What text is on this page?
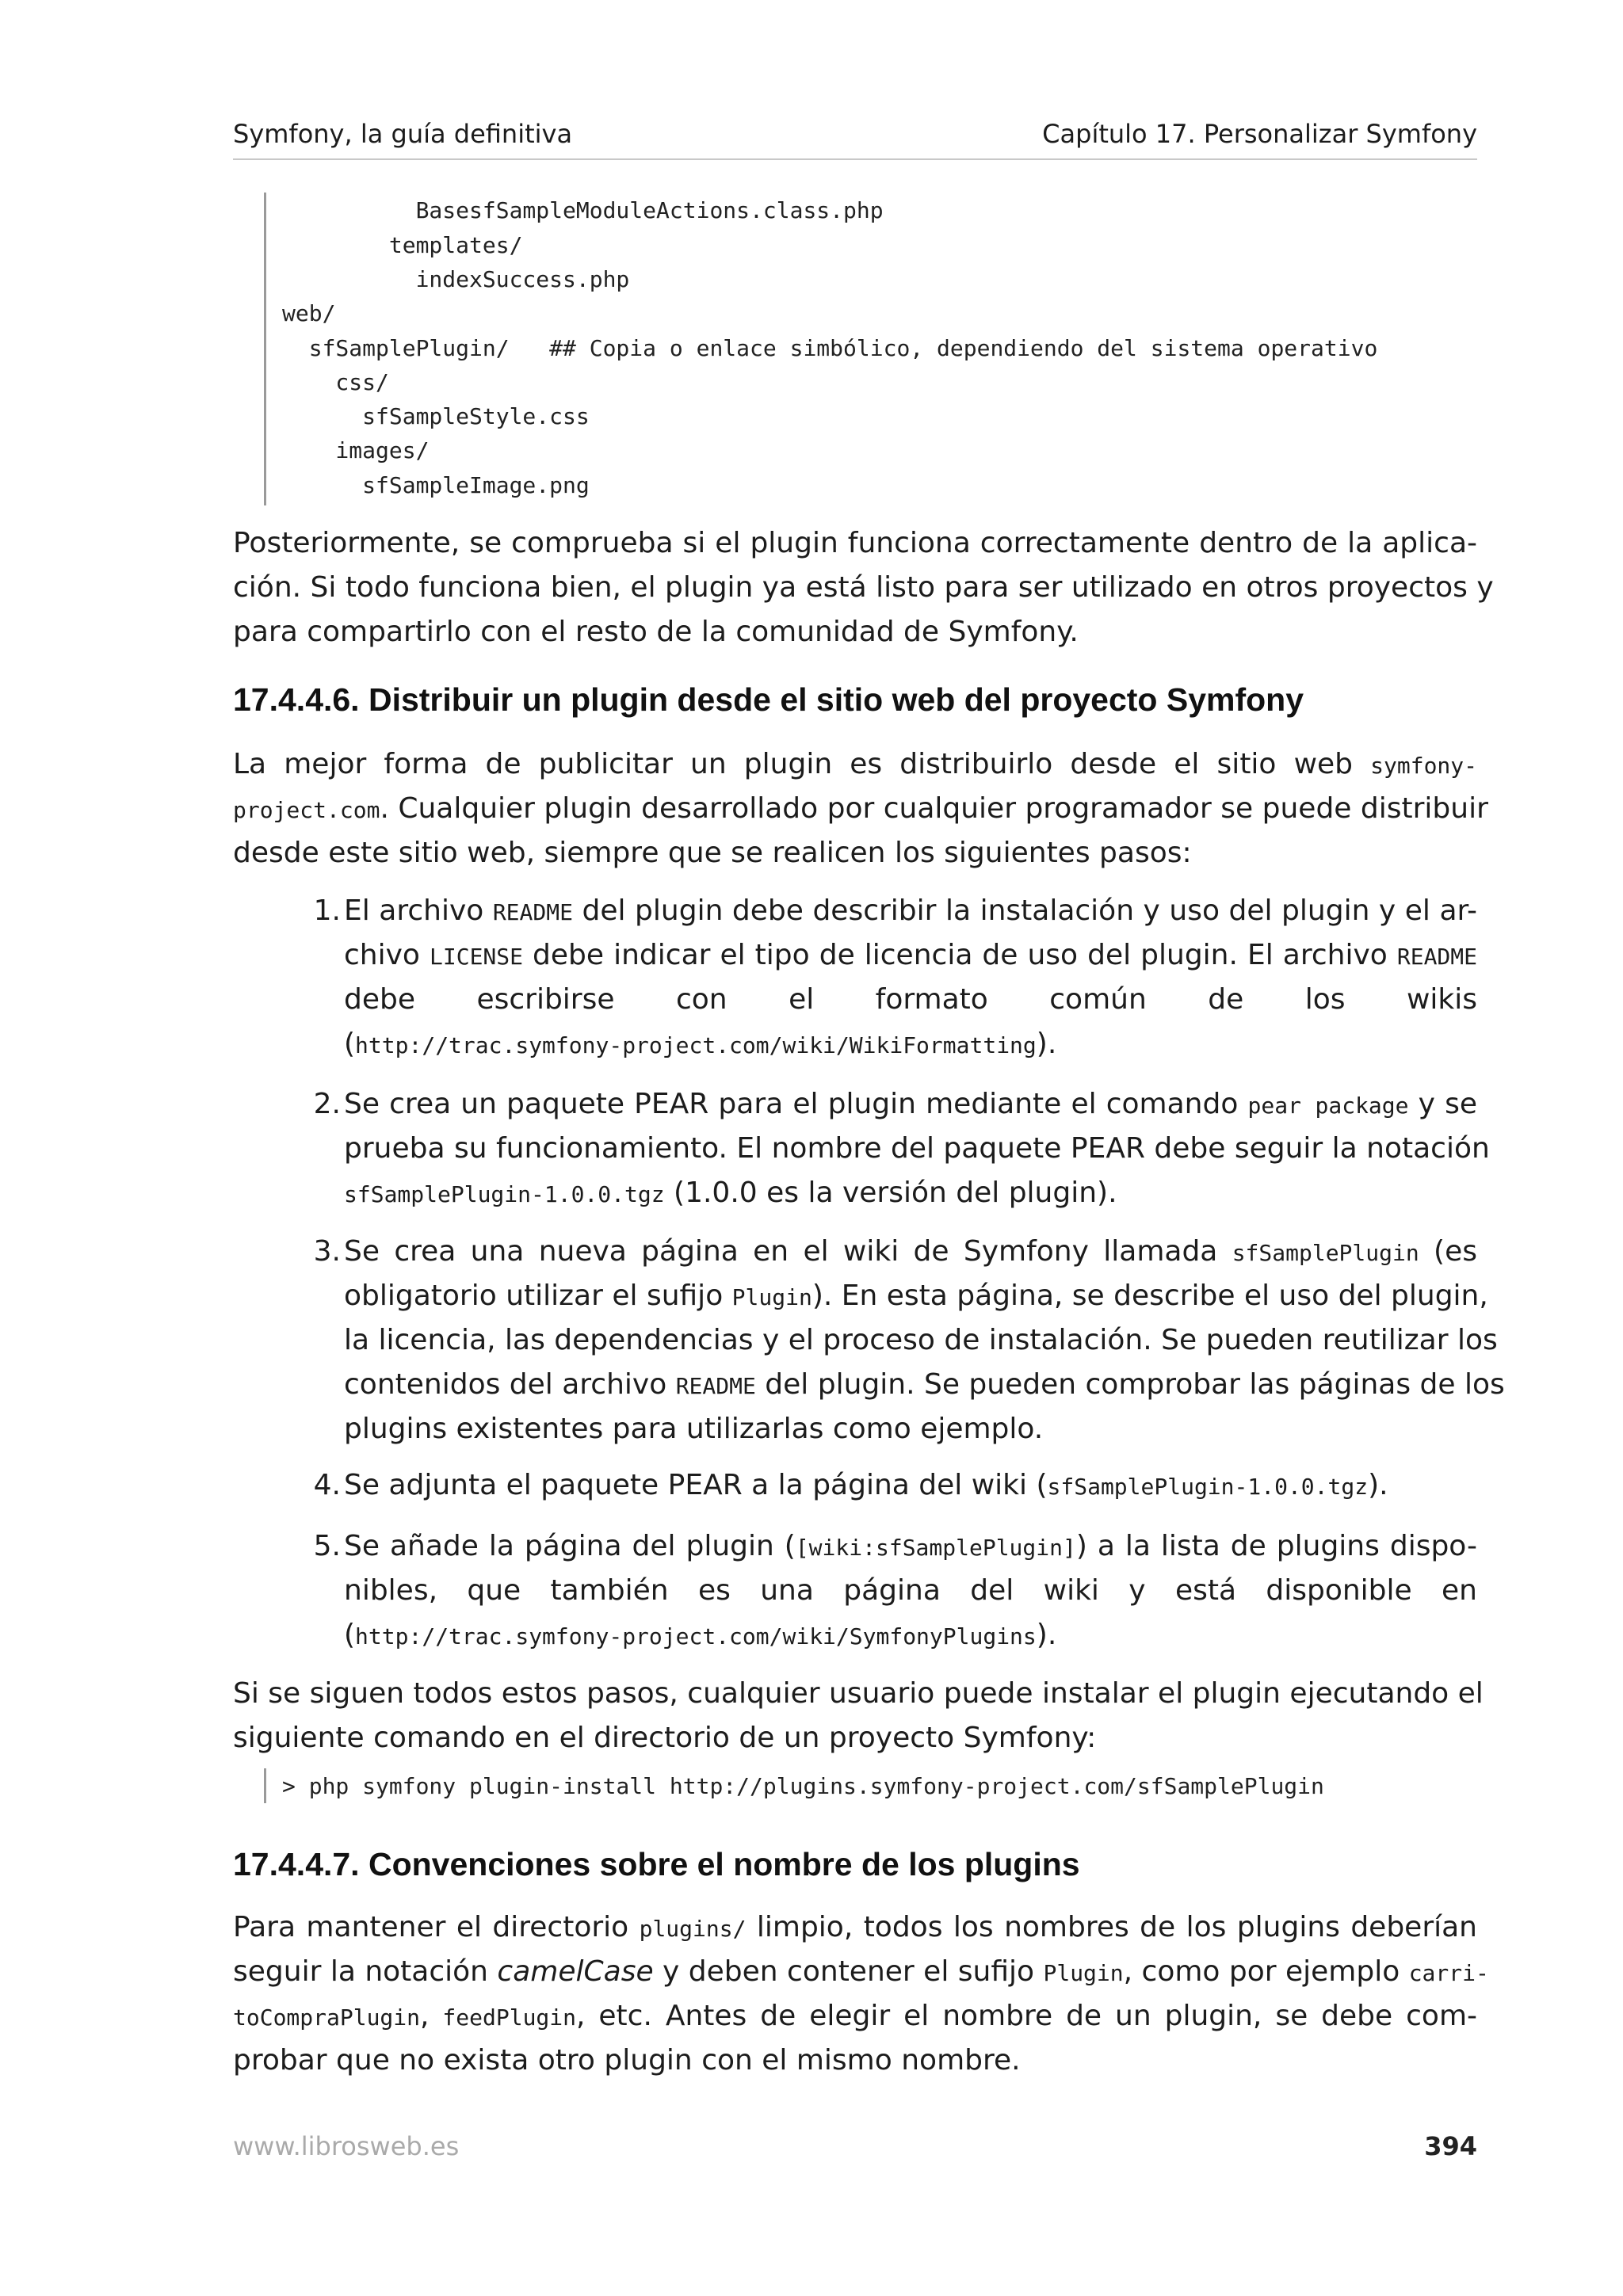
Symfony, la guía definitiva	Capítulo 17. Personalizar Symfony
BasesfSampleModuleActions.class.php
templates/
indexSuccess.php
web/
sfSamplePlugin/   ## Copia o enlace simbólico, dependiendo del sistema operativo
css/
sfSampleStyle.css
images/
sfSampleImage.png
Posteriormente, se comprueba si el plugin funciona correctamente dentro de la aplica-
ción. Si todo funciona bien, el plugin ya está listo para ser utilizado en otros proyectos y
para compartirlo con el resto de la comunidad de Symfony.
17.4.4.6. Distribuir un plugin desde el sitio web del proyecto Symfony
La mejor forma de publicitar un plugin es distribuirlo desde el sitio web symfony-
project.com. Cualquier plugin desarrollado por cualquier programador se puede distribuir
desde este sitio web, siempre que se realicen los siguientes pasos:
1. El archivo README del plugin debe describir la instalación y uso del plugin y el ar-
chivo LICENSE debe indicar el tipo de licencia de uso del plugin. El archivo README
debe escribirse con el formato común de los wikis
(http://trac.symfony-project.com/wiki/WikiFormatting).
2. Se crea un paquete PEAR para el plugin mediante el comando pear package y se
prueba su funcionamiento. El nombre del paquete PEAR debe seguir la notación
sfSamplePlugin-1.0.0.tgz (1.0.0 es la versión del plugin).
3. Se crea una nueva página en el wiki de Symfony llamada sfSamplePlugin (es
obligatorio utilizar el sufijo Plugin). En esta página, se describe el uso del plugin,
la licencia, las dependencias y el proceso de instalación. Se pueden reutilizar los
contenidos del archivo README del plugin. Se pueden comprobar las páginas de los
plugins existentes para utilizarlas como ejemplo.
4. Se adjunta el paquete PEAR a la página del wiki (sfSamplePlugin-1.0.0.tgz).
5. Se añade la página del plugin ([wiki:sfSamplePlugin]) a la lista de plugins dispo-
nibles, que también es una página del wiki y está disponible en
(http://trac.symfony-project.com/wiki/SymfonyPlugins).
Si se siguen todos estos pasos, cualquier usuario puede instalar el plugin ejecutando el
siguiente comando en el directorio de un proyecto Symfony:
> php symfony plugin-install http://plugins.symfony-project.com/sfSamplePlugin
17.4.4.7. Convenciones sobre el nombre de los plugins
Para mantener el directorio plugins/ limpio, todos los nombres de los plugins deberían
seguir la notación camelCase y deben contener el sufijo Plugin, como por ejemplo carri-
toCompraPlugin, feedPlugin, etc. Antes de elegir el nombre de un plugin, se debe com-
probar que no exista otro plugin con el mismo nombre.
www.librosweb.es	394
